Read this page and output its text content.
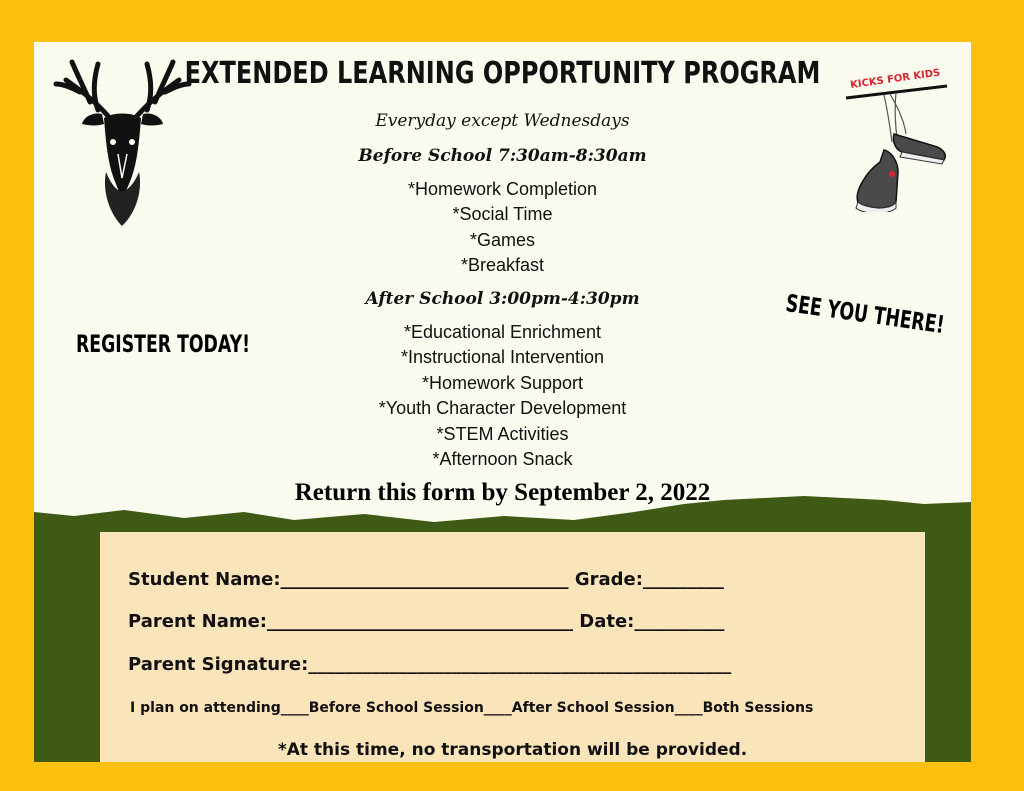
KICKS FOR KIDS
EXTENDED LEARNING OPPORTUNITY PROGRAM
Everyday except Wednesdays
Before School 7:30am-8:30am
*Homework Completion
*Social Time
*Games
*Breakfast
After School 3:00pm-4:30pm
*Educational Enrichment
*Instructional Intervention
*Homework Support
*Youth Character Development
*STEM Activities
*Afternoon Snack
REGISTER TODAY!
SEE YOU THERE!
Return this form by September 2, 2022
Student Name:________________________________ Grade:_________
Parent Name:__________________________________ Date:__________
Parent Signature:_______________________________________________
I plan on attending____Before School Session____After School Session____Both Sessions
*At this time, no transportation will be provided.
